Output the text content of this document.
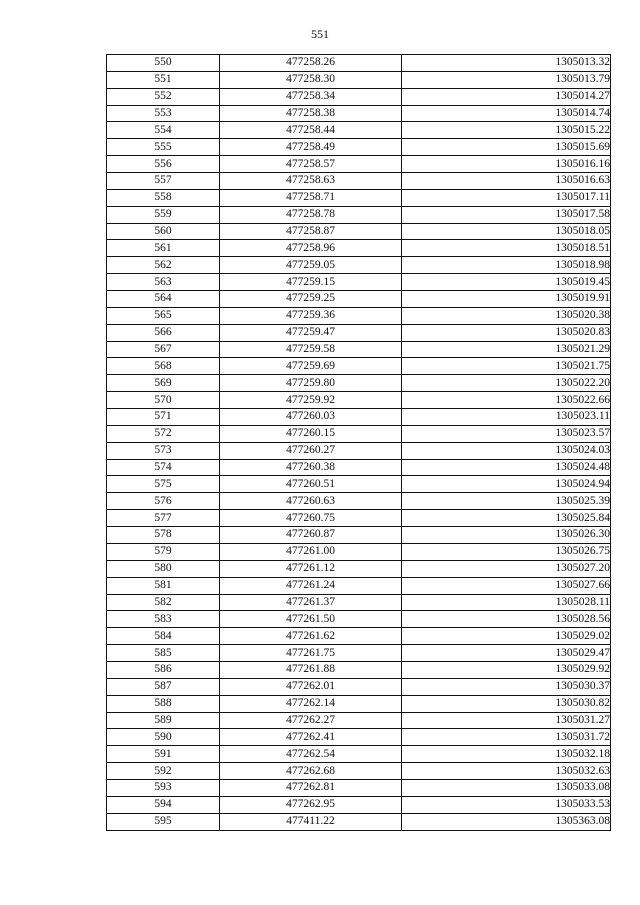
551
550	477258.26	1305013.32
551	477258.30	1305013.79
552	477258.34	1305014.27
553	477258.38	1305014.74
554	477258.44	1305015.22
555	477258.49	1305015.69
556	477258.57	1305016.16
557	477258.63	1305016.63
558	477258.71	1305017.11
559	477258.78	1305017.58
560	477258.87	1305018.05
561	477258.96	1305018.51
562	477259.05	1305018.98
563	477259.15	1305019.45
564	477259.25	1305019.91
565	477259.36	1305020.38
566	477259.47	1305020.83
567	477259.58	1305021.29
568	477259.69	1305021.75
569	477259.80	1305022.20
570	477259.92	1305022.66
571	477260.03	1305023.11
572	477260.15	1305023.57
573	477260.27	1305024.03
574	477260.38	1305024.48
575	477260.51	1305024.94
576	477260.63	1305025.39
577	477260.75	1305025.84
578	477260.87	1305026.30
579	477261.00	1305026.75
580	477261.12	1305027.20
581	477261.24	1305027.66
582	477261.37	1305028.11
583	477261.50	1305028.56
584	477261.62	1305029.02
585	477261.75	1305029.47
586	477261.88	1305029.92
587	477262.01	1305030.37
588	477262.14	1305030.82
589	477262.27	1305031.27
590	477262.41	1305031.72
591	477262.54	1305032.18
592	477262.68	1305032.63
593	477262.81	1305033.08
594	477262.95	1305033.53
595	477411.22	1305363.08
